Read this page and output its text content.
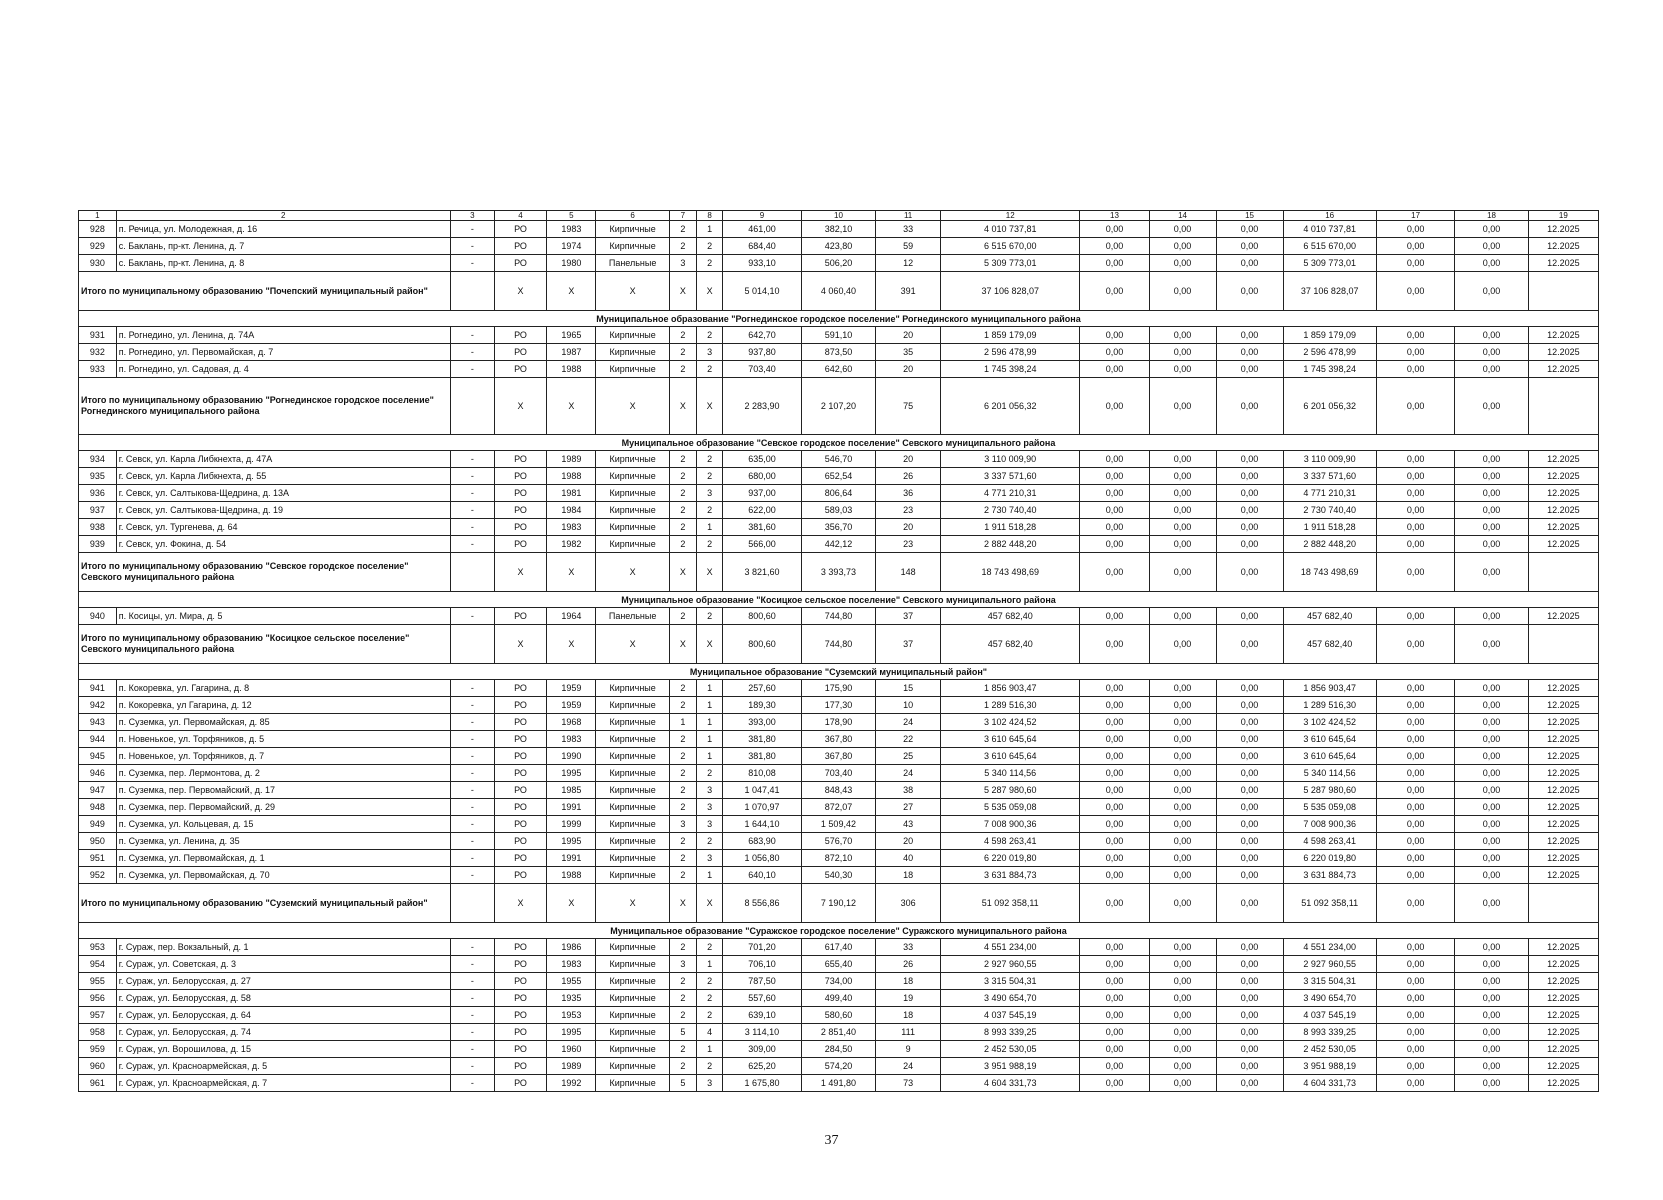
1	2	3	4	5	6	7	8	9	10	11	12	13	14	15	16	17	18	19
928	п. Речица, ул. Молодежная, д. 16	-	РО	1983	Кирпичные	2	1	461,00	382,10	33	4 010 737,81	0,00	0,00	0,00	4 010 737,81	0,00	0,00	12.2025
929	с. Баклань, пр-кт. Ленина, д. 7	-	РО	1974	Кирпичные	2	2	684,40	423,80	59	6 515 670,00	0,00	0,00	0,00	6 515 670,00	0,00	0,00	12.2025
930	с. Баклань, пр-кт. Ленина, д. 8	-	РО	1980	Панельные	3	2	933,10	506,20	12	5 309 773,01	0,00	0,00	0,00	5 309 773,01	0,00	0,00	12.2025
Итого по муниципальному образованию "Почепский муниципальный район"			X	X	X	X	X	5 014,10	4 060,40	391	37 106 828,07	0,00	0,00	0,00	37 106 828,07	0,00	0,00	
Муниципальное образование "Рогнединское городское поселение" Рогнединского муниципального района																		
931	п. Рогнедино, ул. Ленина, д. 74А	-	РО	1965	Кирпичные	2	2	642,70	591,10	20	1 859 179,09	0,00	0,00	0,00	1 859 179,09	0,00	0,00	12.2025
932	п. Рогнедино, ул. Первомайская, д. 7	-	РО	1987	Кирпичные	2	3	937,80	873,50	35	2 596 478,99	0,00	0,00	0,00	2 596 478,99	0,00	0,00	12.2025
933	п. Рогнедино, ул. Садовая, д. 4	-	РО	1988	Кирпичные	2	2	703,40	642,60	20	1 745 398,24	0,00	0,00	0,00	1 745 398,24	0,00	0,00	12.2025
Итого по муниципальному образованию "Рогнединское городское поселение" Рогнединского муниципального района			X	X	X	X	X	2 283,90	2 107,20	75	6 201 056,32	0,00	0,00	0,00	6 201 056,32	0,00	0,00	
Муниципальное образование "Севское городское поселение" Севского муниципального района																		
934	г. Севск, ул. Карла Либкнехта, д. 47А	-	РО	1989	Кирпичные	2	2	635,00	546,70	20	3 110 009,90	0,00	0,00	0,00	3 110 009,90	0,00	0,00	12.2025
935	г. Севск, ул. Карла Либкнехта, д. 55	-	РО	1988	Кирпичные	2	2	680,00	652,54	26	3 337 571,60	0,00	0,00	0,00	3 337 571,60	0,00	0,00	12.2025
936	г. Севск, ул. Салтыкова-Щедрина, д. 13А	-	РО	1981	Кирпичные	2	3	937,00	806,64	36	4 771 210,31	0,00	0,00	0,00	4 771 210,31	0,00	0,00	12.2025
937	г. Севск, ул. Салтыкова-Щедрина, д. 19	-	РО	1984	Кирпичные	2	2	622,00	589,03	23	2 730 740,40	0,00	0,00	0,00	2 730 740,40	0,00	0,00	12.2025
938	г. Севск, ул. Тургенева, д. 64	-	РО	1983	Кирпичные	2	1	381,60	356,70	20	1 911 518,28	0,00	0,00	0,00	1 911 518,28	0,00	0,00	12.2025
939	г. Севск, ул. Фокина, д. 54	-	РО	1982	Кирпичные	2	2	566,00	442,12	23	2 882 448,20	0,00	0,00	0,00	2 882 448,20	0,00	0,00	12.2025
Итого по муниципальному образованию "Севское городское поселение" Севского муниципального района			X	X	X	X	X	3 821,60	3 393,73	148	18 743 498,69	0,00	0,00	0,00	18 743 498,69	0,00	0,00	
Муниципальное образование "Косицкое сельское поселение" Севского муниципального района																		
940	п. Косицы, ул. Мира, д. 5	-	РО	1964	Панельные	2	2	800,60	744,80	37	457 682,40	0,00	0,00	0,00	457 682,40	0,00	0,00	12.2025
Итого по муниципальному образованию "Косицкое сельское поселение" Севского муниципального района			X	X	X	X	X	800,60	744,80	37	457 682,40	0,00	0,00	0,00	457 682,40	0,00	0,00	
Муниципальное образование "Суземский муниципальный район"																		
941	п. Кокоревка, ул. Гагарина, д. 8	-	РО	1959	Кирпичные	2	1	257,60	175,90	15	1 856 903,47	0,00	0,00	0,00	1 856 903,47	0,00	0,00	12.2025
942	п. Кокоревка, ул Гагарина, д. 12	-	РО	1959	Кирпичные	2	1	189,30	177,30	10	1 289 516,30	0,00	0,00	0,00	1 289 516,30	0,00	0,00	12.2025
943	п. Суземка, ул. Первомайская, д. 85	-	РО	1968	Кирпичные	1	1	393,00	178,90	24	3 102 424,52	0,00	0,00	0,00	3 102 424,52	0,00	0,00	12.2025
944	п. Новенькое, ул. Торфяников, д. 5	-	РО	1983	Кирпичные	2	1	381,80	367,80	22	3 610 645,64	0,00	0,00	0,00	3 610 645,64	0,00	0,00	12.2025
945	п. Новенькое, ул. Торфяников, д. 7	-	РО	1990	Кирпичные	2	1	381,80	367,80	25	3 610 645,64	0,00	0,00	0,00	3 610 645,64	0,00	0,00	12.2025
946	п. Суземка, пер. Лермонтова, д. 2	-	РО	1995	Кирпичные	2	2	810,08	703,40	24	5 340 114,56	0,00	0,00	0,00	5 340 114,56	0,00	0,00	12.2025
947	п. Суземка, пер. Первомайский, д. 17	-	РО	1985	Кирпичные	2	3	1 047,41	848,43	38	5 287 980,60	0,00	0,00	0,00	5 287 980,60	0,00	0,00	12.2025
948	п. Суземка, пер. Первомайский, д. 29	-	РО	1991	Кирпичные	2	3	1 070,97	872,07	27	5 535 059,08	0,00	0,00	0,00	5 535 059,08	0,00	0,00	12.2025
949	п. Суземка, ул. Кольцевая, д. 15	-	РО	1999	Кирпичные	3	3	1 644,10	1 509,42	43	7 008 900,36	0,00	0,00	0,00	7 008 900,36	0,00	0,00	12.2025
950	п. Суземка, ул. Ленина, д. 35	-	РО	1995	Кирпичные	2	2	683,90	576,70	20	4 598 263,41	0,00	0,00	0,00	4 598 263,41	0,00	0,00	12.2025
951	п. Суземка, ул. Первомайская, д. 1	-	РО	1991	Кирпичные	2	3	1 056,80	872,10	40	6 220 019,80	0,00	0,00	0,00	6 220 019,80	0,00	0,00	12.2025
952	п. Суземка, ул. Первомайская, д. 70	-	РО	1988	Кирпичные	2	1	640,10	540,30	18	3 631 884,73	0,00	0,00	0,00	3 631 884,73	0,00	0,00	12.2025
Итого по муниципальному образованию "Суземский муниципальный район"			X	X	X	X	X	8 556,86	7 190,12	306	51 092 358,11	0,00	0,00	0,00	51 092 358,11	0,00	0,00	
Муниципальное образование "Суражское городское поселение" Суражского муниципального района																		
953	г. Сураж, пер. Вокзальный, д. 1	-	РО	1986	Кирпичные	2	2	701,20	617,40	33	4 551 234,00	0,00	0,00	0,00	4 551 234,00	0,00	0,00	12.2025
954	г. Сураж, ул. Советская, д. 3	-	РО	1983	Кирпичные	3	1	706,10	655,40	26	2 927 960,55	0,00	0,00	0,00	2 927 960,55	0,00	0,00	12.2025
955	г. Сураж, ул. Белорусская, д. 27	-	РО	1955	Кирпичные	2	2	787,50	734,00	18	3 315 504,31	0,00	0,00	0,00	3 315 504,31	0,00	0,00	12.2025
956	г. Сураж, ул. Белорусская, д. 58	-	РО	1935	Кирпичные	2	2	557,60	499,40	19	3 490 654,70	0,00	0,00	0,00	3 490 654,70	0,00	0,00	12.2025
957	г. Сураж, ул. Белорусская, д. 64	-	РО	1953	Кирпичные	2	2	639,10	580,60	18	4 037 545,19	0,00	0,00	0,00	4 037 545,19	0,00	0,00	12.2025
958	г. Сураж, ул. Белорусская, д. 74	-	РО	1995	Кирпичные	5	4	3 114,10	2 851,40	111	8 993 339,25	0,00	0,00	0,00	8 993 339,25	0,00	0,00	12.2025
959	г. Сураж, ул. Ворошилова, д. 15	-	РО	1960	Кирпичные	2	1	309,00	284,50	9	2 452 530,05	0,00	0,00	0,00	2 452 530,05	0,00	0,00	12.2025
960	г. Сураж, ул. Красноармейская, д. 5	-	РО	1989	Кирпичные	2	2	625,20	574,20	24	3 951 988,19	0,00	0,00	0,00	3 951 988,19	0,00	0,00	12.2025
961	г. Сураж, ул. Красноармейская, д. 7	-	РО	1992	Кирпичные	5	3	1 675,80	1 491,80	73	4 604 331,73	0,00	0,00	0,00	4 604 331,73	0,00	0,00	12.2025
37
